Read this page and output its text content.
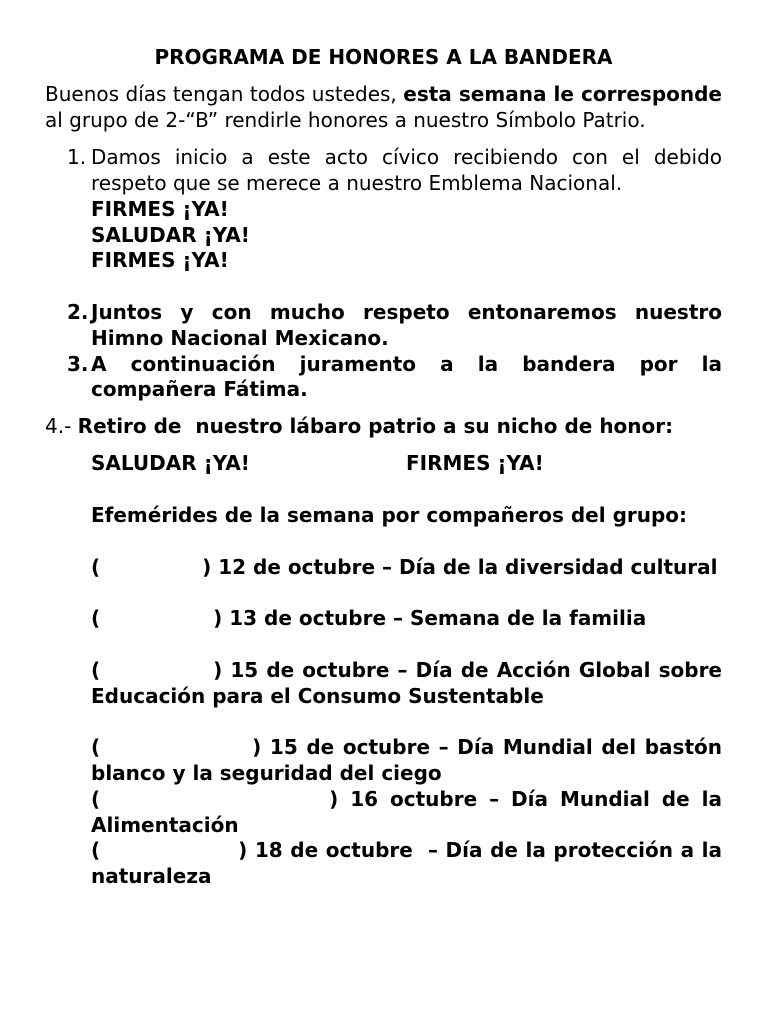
PROGRAMA DE HONORES A LA BANDERA
Buenos días tengan todos ustedes, esta semana le corresponde al grupo de 2-“B” rendirle honores a nuestro Símbolo Patrio.
1. Damos inicio a este acto cívico recibiendo con el debido respeto que se merece a nuestro Emblema Nacional.
FIRMES ¡YA!
SALUDAR ¡YA!
FIRMES ¡YA!
2. Juntos y con mucho respeto entonaremos nuestro Himno Nacional Mexicano.
3. A continuación juramento a la bandera por la compañera Fátima.
4.- Retiro de  nuestro lábaro patrio a su nicho de honor:
SALUDAR ¡YA!	FIRMES ¡YA!
Efemérides de la semana por compañeros del grupo:
(	) 12 de octubre – Día de la diversidad cultural
(	) 13 de octubre – Semana de la familia
(	) 15 de octubre – Día de Acción Global sobre Educación para el Consumo Sustentable
(	) 15 de octubre – Día Mundial del bastón blanco y la seguridad del ciego
(	) 16 octubre – Día Mundial de la Alimentación
(	) 18 de octubre  – Día de la protección a la naturaleza
